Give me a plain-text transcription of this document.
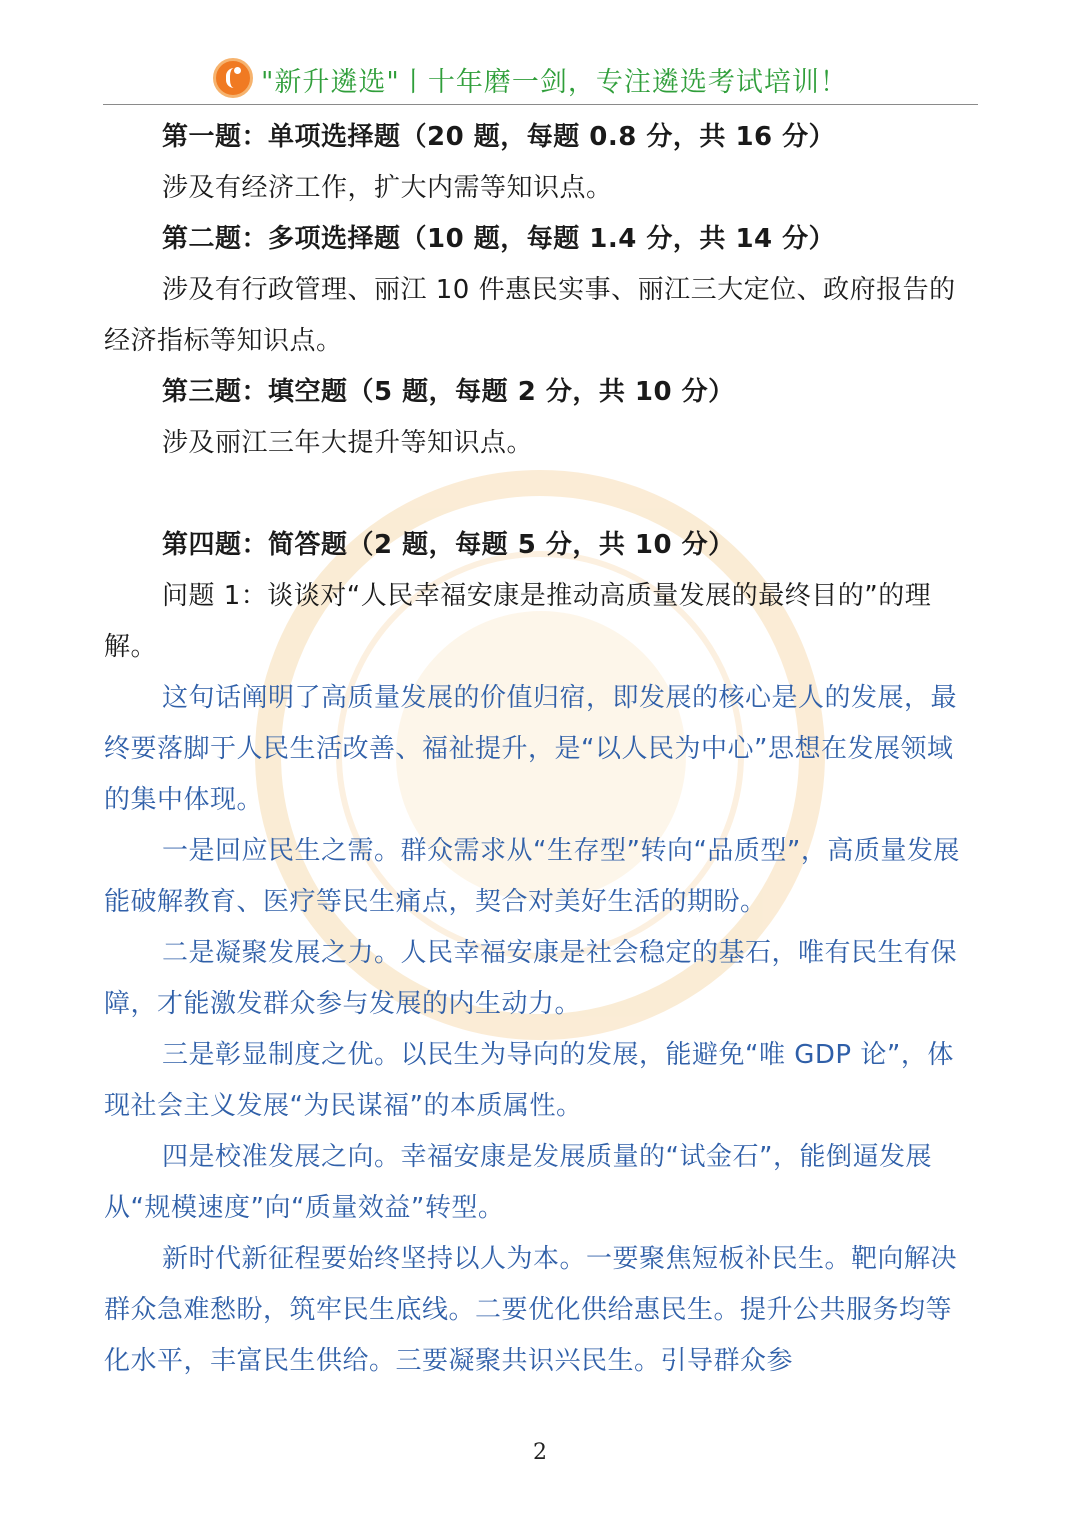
"新升遴选"丨十年磨一剑，专注遴选考试培训！

第一题：单项选择题（20 题，每题 0.8 分，共 16 分）

涉及有经济工作，扩大内需等知识点。

第二题：多项选择题（10 题，每题 1.4 分，共 14 分）

涉及有行政管理、丽江 10 件惠民实事、丽江三大定位、政府报告的经济指标等知识点。

第三题：填空题（5 题，每题 2 分，共 10 分）

涉及丽江三年大提升等知识点。

第四题：简答题（2 题，每题 5 分，共 10 分）

问题 1：谈谈对“人民幸福安康是推动高质量发展的最终目的”的理解。

这句话阐明了高质量发展的价值归宿，即发展的核心是人的发展，最终要落脚于人民生活改善、福祉提升，是“以人民为中心”思想在发展领域的集中体现。

一是回应民生之需。群众需求从“生存型”转向“品质型”，高质量发展能破解教育、医疗等民生痛点，契合对美好生活的期盼。

二是凝聚发展之力。人民幸福安康是社会稳定的基石，唯有民生有保障，才能激发群众参与发展的内生动力。

三是彰显制度之优。以民生为导向的发展，能避免“唯 GDP 论”，体现社会主义发展“为民谋福”的本质属性。

四是校准发展之向。幸福安康是发展质量的“试金石”，能倒逼发展从“规模速度”向“质量效益”转型。

新时代新征程要始终坚持以人为本。一要聚焦短板补民生。靶向解决群众急难愁盼，筑牢民生底线。二要优化供给惠民生。提升公共服务均等化水平，丰富民生供给。三要凝聚共识兴民生。引导群众参

2
